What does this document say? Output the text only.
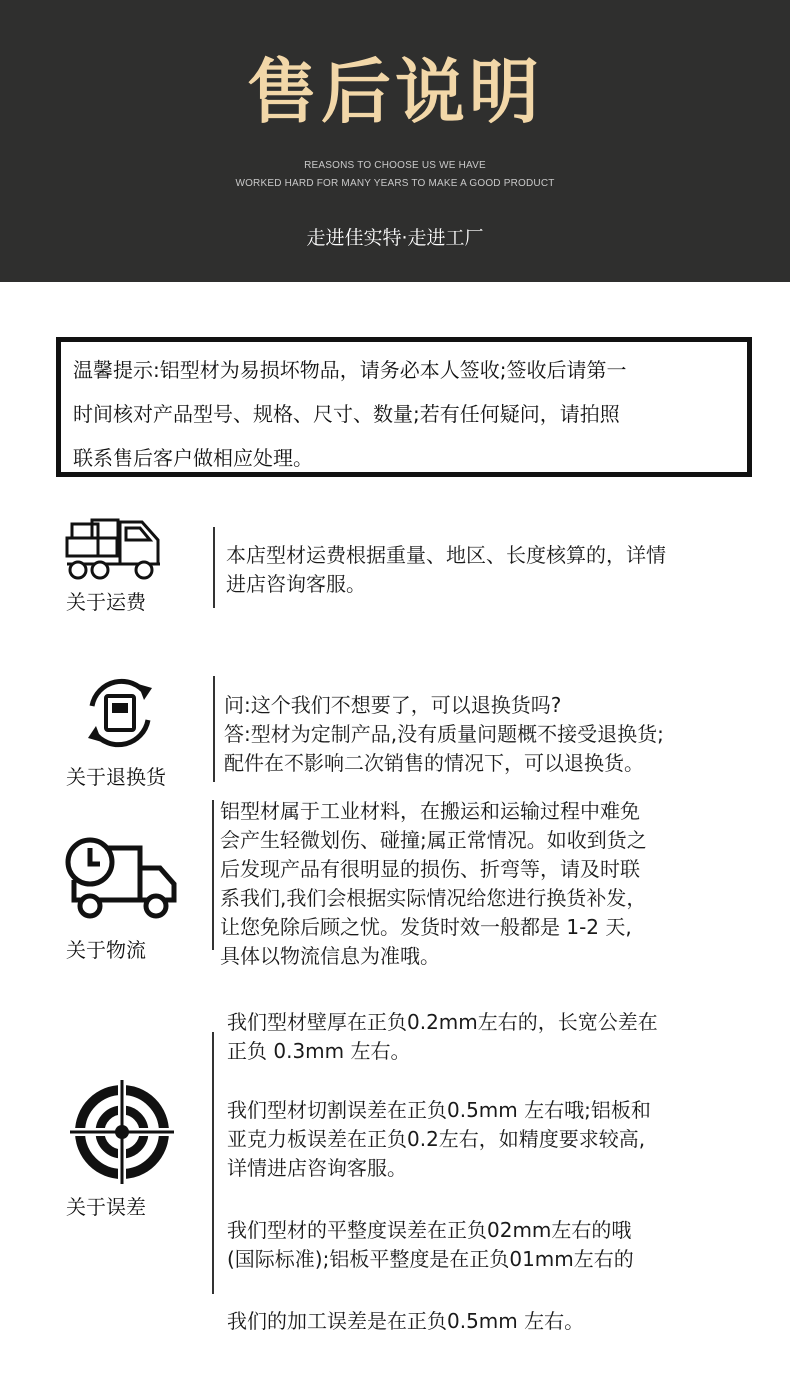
售后说明
REASONS TO CHOOSE US WE HAVE
WORKED HARD FOR MANY YEARS TO MAKE A GOOD PRODUCT
走进佳实特·走进工厂

温馨提示:铝型材为易损坏物品，请务必本人签收;签收后请第一
时间核对产品型号、规格、尺寸、数量;若有任何疑问，请拍照
联系售后客户做相应处理。

关于运费
本店型材运费根据重量、地区、长度核算的，详情
进店咨询客服。
关于退换货
问:这个我们不想要了，可以退换货吗?
答:型材为定制产品,没有质量问题概不接受退换货;
配件在不影响二次销售的情况下，可以退换货。
关于物流
铝型材属于工业材料，在搬运和运输过程中难免
会产生轻微划伤、碰撞;属正常情况。如收到货之
后发现产品有很明显的损伤、折弯等，请及时联
系我们,我们会根据实际情况给您进行换货补发，
让您免除后顾之忧。发货时效一般都是 1-2 天,
具体以物流信息为准哦。
关于误差
我们型材壁厚在正负0.2mm左右的，长宽公差在
正负 0.3mm 左右。
我们型材切割误差在正负0.5mm 左右哦;铝板和
亚克力板误差在正负0.2左右，如精度要求较高,
详情进店咨询客服。
我们型材的平整度误差在正负02mm左右的哦
(国际标准);铝板平整度是在正负01mm左右的
我们的加工误差是在正负0.5mm 左右。
